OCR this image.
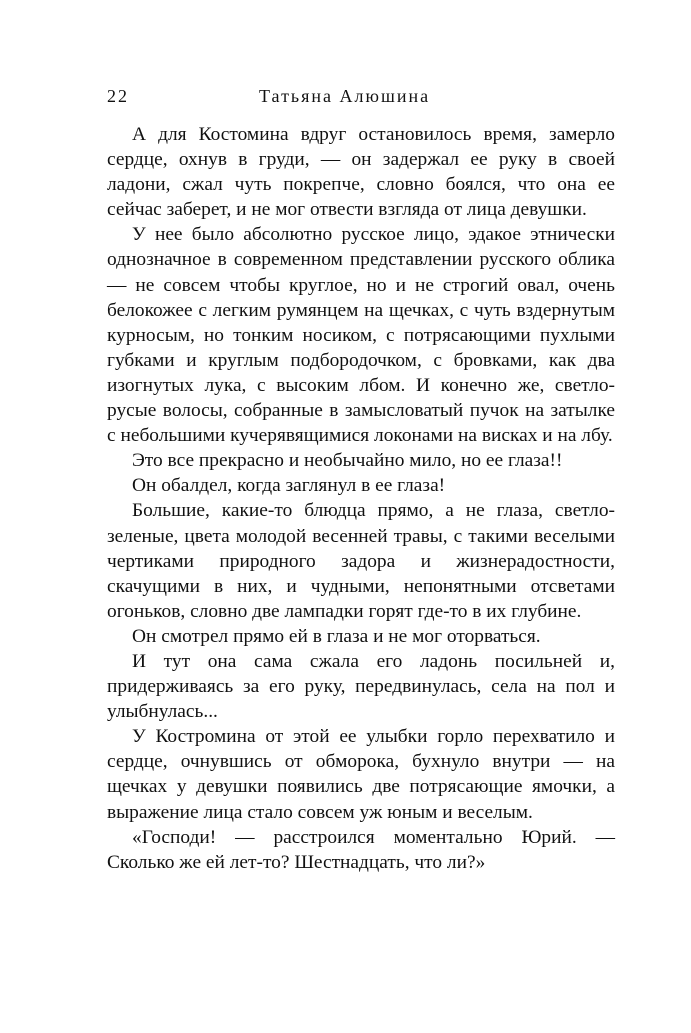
22	Татьяна Алюшина

А для Костомина вдруг остановилось время, замерло сердце, охнув в груди, — он задержал ее руку в своей ладони, сжал чуть покрепче, словно боялся, что она ее сейчас заберет, и не мог отвести взгляда от лица девушки.

У нее было абсолютно русское лицо, эдакое этнически однозначное в современном представлении русского облика — не совсем чтобы круглое, но и не строгий овал, очень белокожее с легким румянцем на щечках, с чуть вздернутым курносым, но тонким носиком, с потрясающими пухлыми губками и круглым подбородочком, с бровками, как два изогнутых лука, с высоким лбом. И конечно же, светло-русые волосы, собранные в замысловатый пучок на затылке с небольшими кучерявящимися локонами на висках и на лбу.

Это все прекрасно и необычайно мило, но ее глаза!!

Он обалдел, когда заглянул в ее глаза!

Большие, какие-то блюдца прямо, а не глаза, светло-зеленые, цвета молодой весенней травы, с такими веселыми чертиками природного задора и жизнерадостности, скачущими в них, и чудными, непонятными отсветами огоньков, словно две лампадки горят где-то в их глубине.

Он смотрел прямо ей в глаза и не мог оторваться.

И тут она сама сжала его ладонь посильней и, придерживаясь за его руку, передвинулась, села на пол и улыбнулась...

У Костромина от этой ее улыбки горло перехватило и сердце, очнувшись от обморока, бухнуло внутри — на щечках у девушки появились две потрясающие ямочки, а выражение лица стало совсем уж юным и веселым.

«Господи! — расстроился моментально Юрий. — Сколько же ей лет-то? Шестнадцать, что ли?»
